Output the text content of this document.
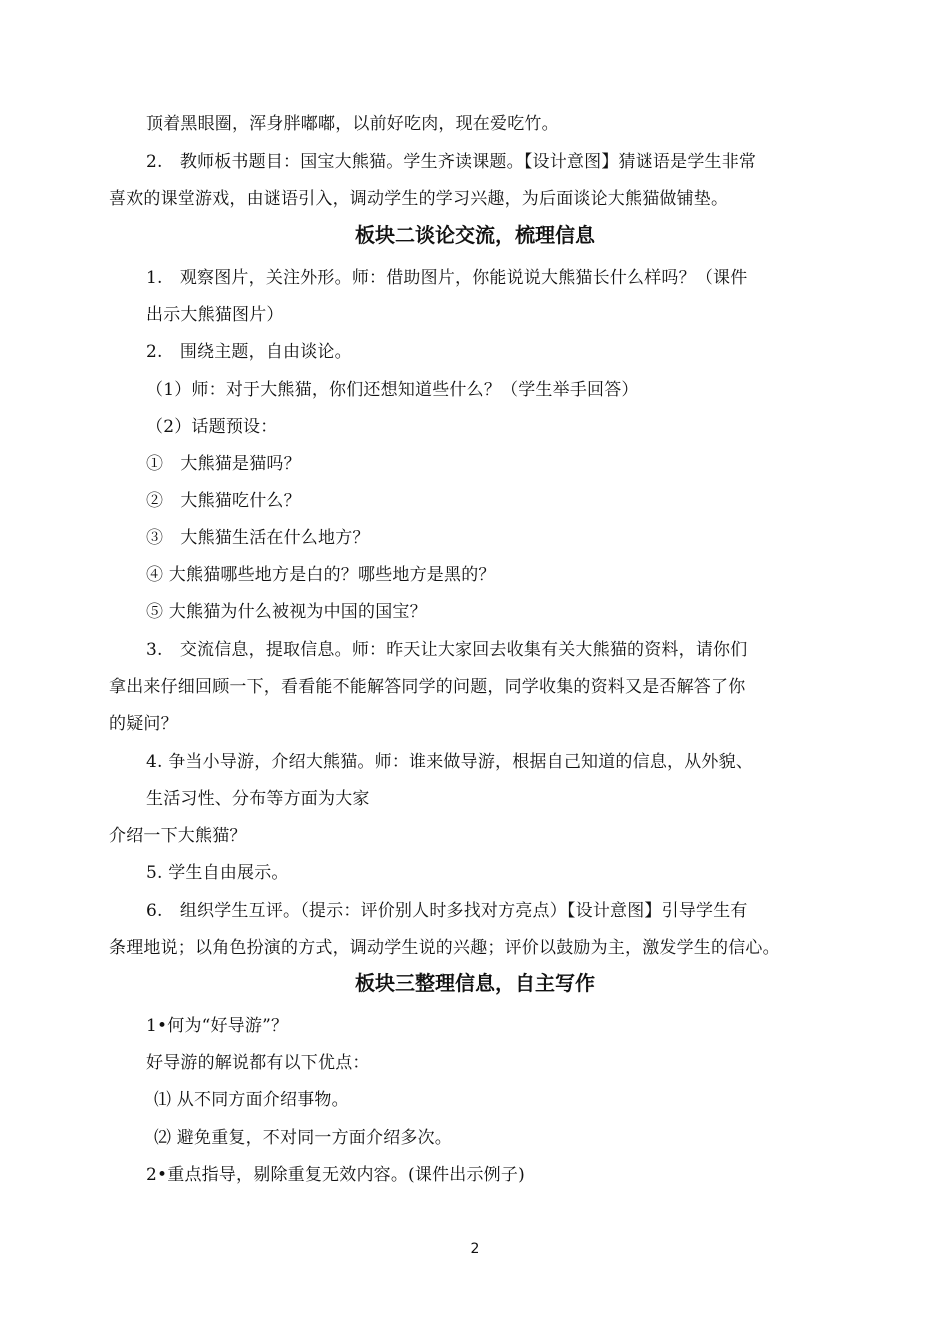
顶着黑眼圈，浑身胖嘟嘟，以前好吃肉，现在爱吃竹。
2.　教师板书题目：国宝大熊猫。学生齐读课题。【设计意图】猜谜语是学生非常
喜欢的课堂游戏，由谜语引入，调动学生的学习兴趣，为后面谈论大熊猫做铺垫。
板块二谈论交流，梳理信息
1.　观察图片，关注外形。师：借助图片，你能说说大熊猫长什么样吗？（课件
出示大熊猫图片）
2.　围绕主题，自由谈论。
（1）师：对于大熊猫，你们还想知道些什么？（学生举手回答）
（2）话题预设：
①　大熊猫是猫吗？
②　大熊猫吃什么？
③　大熊猫生活在什么地方？
④ 大熊猫哪些地方是白的？哪些地方是黑的？
⑤ 大熊猫为什么被视为中国的国宝？
3.　交流信息，提取信息。师：昨天让大家回去收集有关大熊猫的资料，请你们
拿出来仔细回顾一下，看看能不能解答同学的问题，同学收集的资料又是否解答了你
的疑问？
4. 争当小导游，介绍大熊猫。师：谁来做导游，根据自己知道的信息，从外貌、
生活习性、分布等方面为大家
介绍一下大熊猫？
5. 学生自由展示。
6.　组织学生互评。（提示：评价别人时多找对方亮点）【设计意图】引导学生有
条理地说；以角色扮演的方式，调动学生说的兴趣；评价以鼓励为主，激发学生的信心。
板块三整理信息，自主写作
1•何为“好导游”？
好导游的解说都有以下优点：
⑴ 从不同方面介绍事物。
⑵ 避免重复，不对同一方面介绍多次。
2•重点指导，剔除重复无效内容。(课件出示例子)
2
